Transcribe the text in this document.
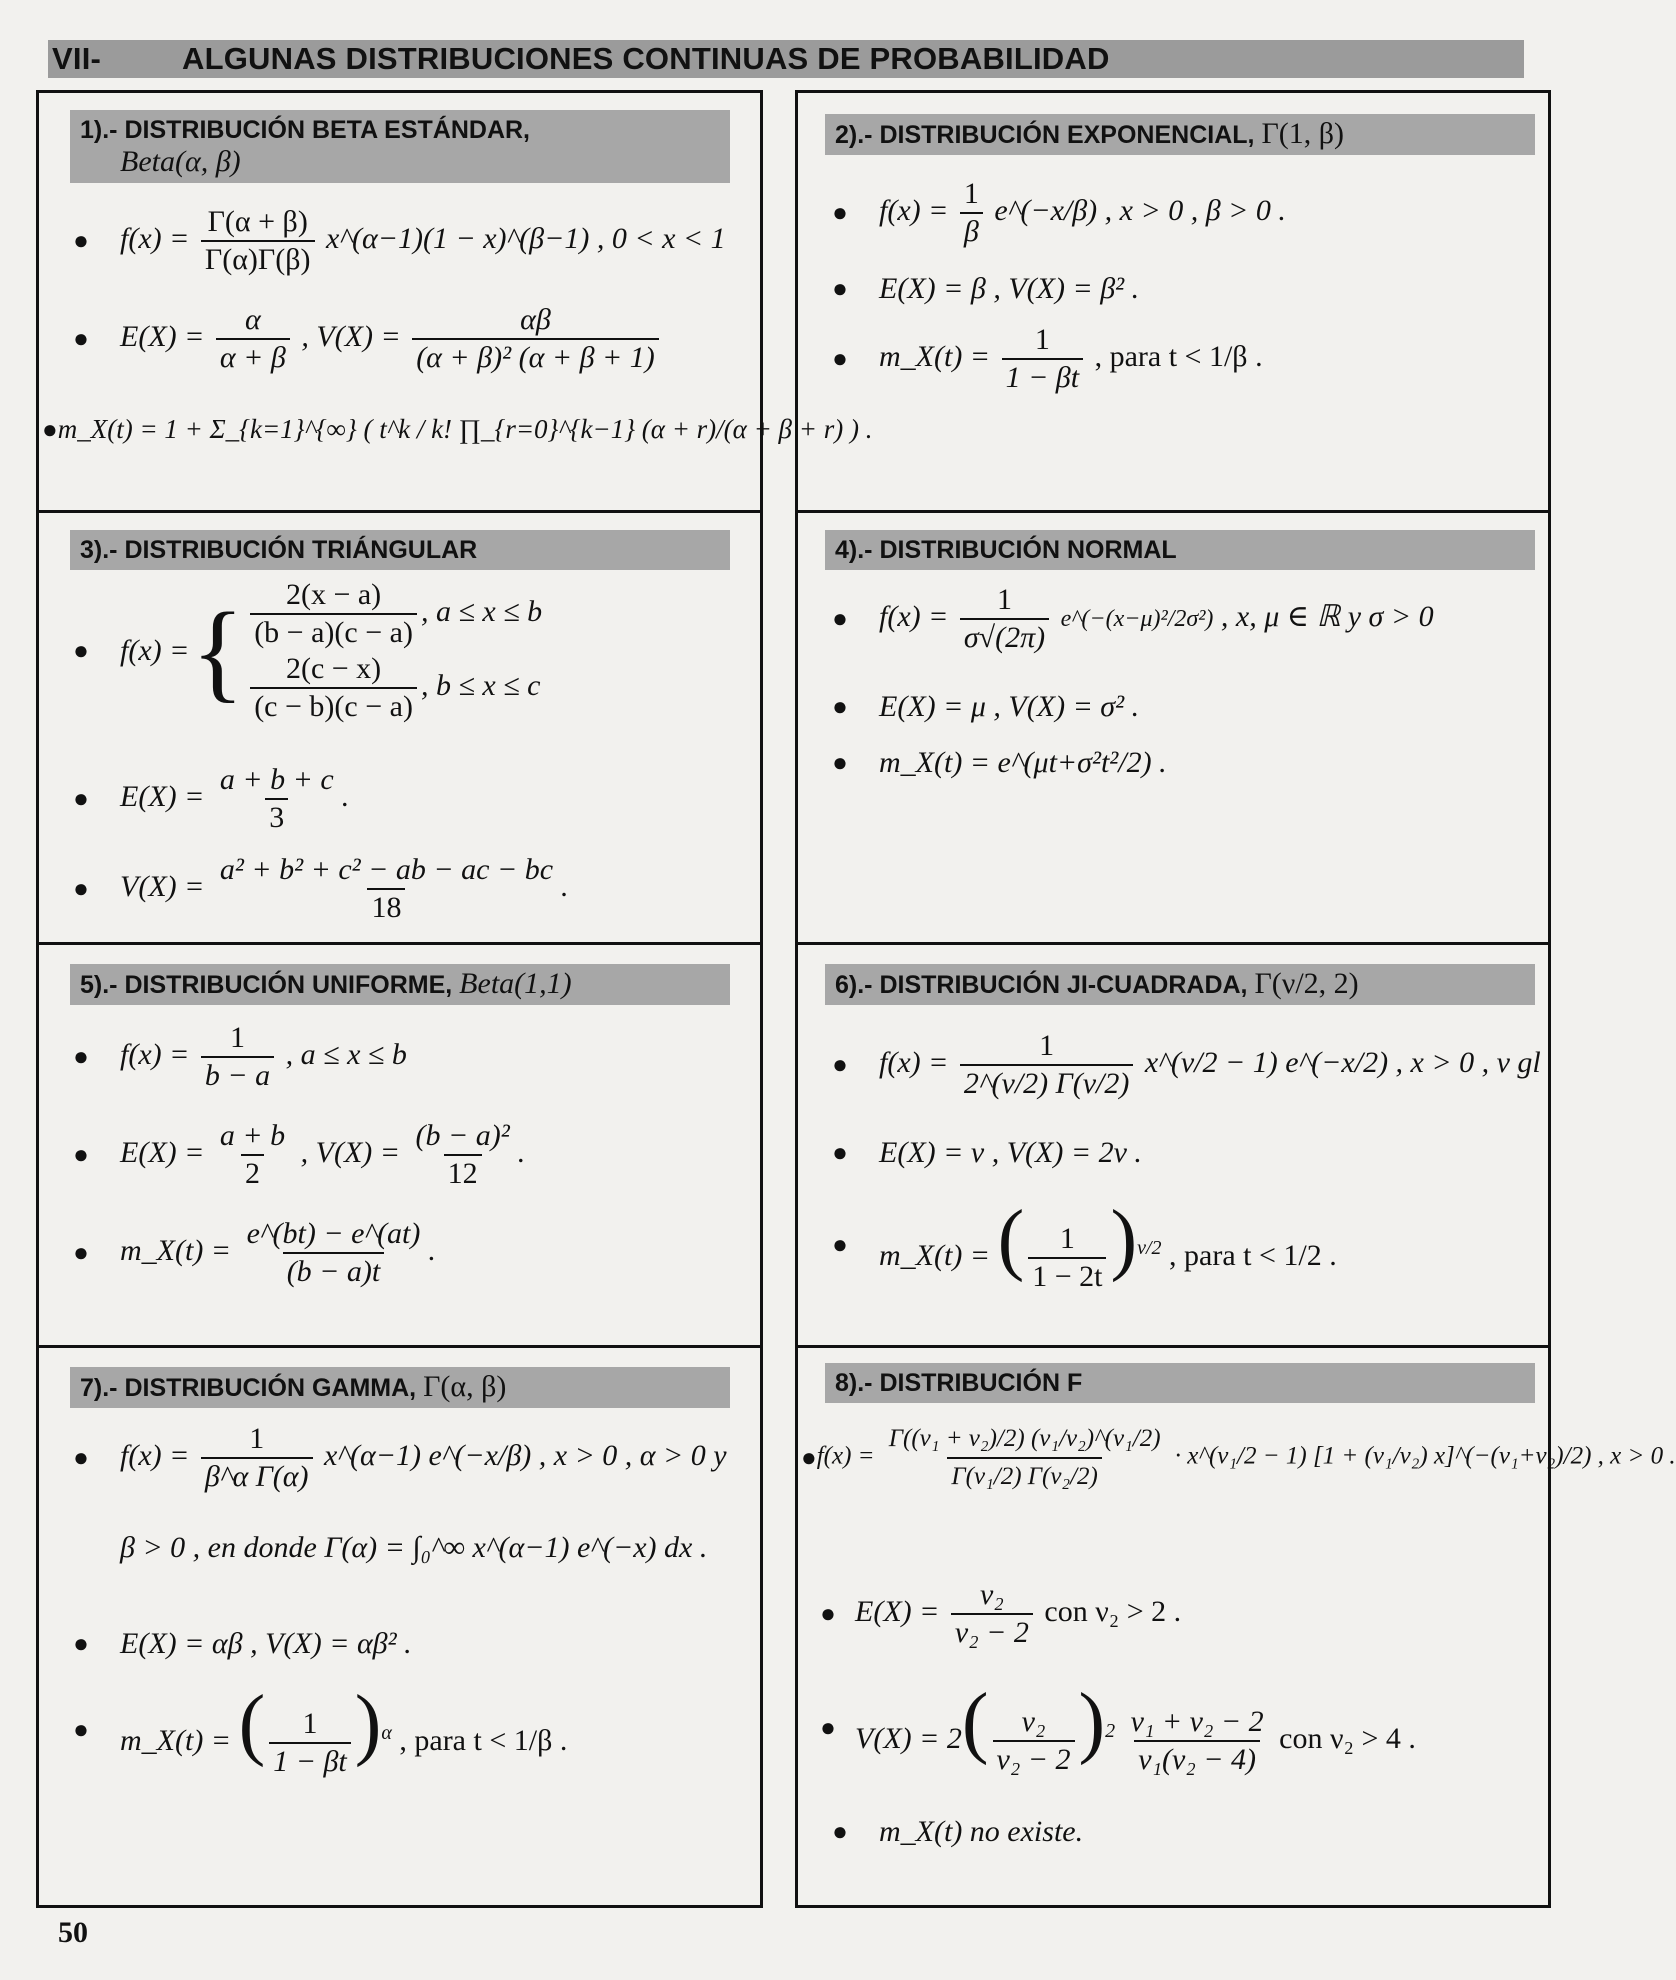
VII-	ALGUNAS DISTRIBUCIONES CONTINUAS DE PROBABILIDAD
1).- DISTRIBUCIÓN BETA ESTÁNDAR,
Beta(α, β)
●	$f(x) = \frac{\Gamma(\alpha + \beta)}{\Gamma(\alpha)\Gamma(\beta)}$ x^(α−1)(1 − x)^(β−1) , 0 < x < 1
●	$E(X) = \frac{\alpha}{\alpha + \beta}$ , $V(X) = \frac{\alpha\beta}{\text{(α + β)² (α + β + 1)}}$
● m_X(t) = 1 + Σ_{k=1}^{∞} ( t^k / k! ∏_{r=0}^{k−1} (α + r)/(α + β + r) ) .
2).- DISTRIBUCIÓN EXPONENCIAL, Γ(1, β)
●	$f(x) = \frac{1}{\beta}$ e^(−x/β) , x > 0 , β > 0 .
●	E(X) = β , V(X) = β² .
●	m_X(t) = $\frac{1}{1 - \beta t}$ , para t < 1/β .
3).- DISTRIBUCIÓN TRIÁNGULAR
●	f(x) = { $\frac{2(x - a)}{(b - a)(c - a)}$ , a ≤ x ≤ b
$\frac{2(c - x)}{(c - b)(c - a)}$ , b ≤ x ≤ c
●	$E(X) = \frac{a + b + c}{3}$ .
●	$V(X) = \frac{\text{a² + b² + c² − ab − ac − bc}}{18}$ .
4).- DISTRIBUCIÓN NORMAL
●	$f(x) = \frac{1}{\sigma√(2\pi)}$ e^(−(x−μ)²/2σ²) , x, μ ∈ ℝ y σ > 0
●	E(X) = μ , V(X) = σ² .
●	m_X(t) = e^(μt+σ²t²/2) .
5).- DISTRIBUCIÓN UNIFORME, Beta(1,1)
●	$f(x) = \frac{1}{b - a}$ , a ≤ x ≤ b
●	$E(X) = \frac{a + b}{2}$ , $V(X) = \frac{\text{(b − a)²}}{12}$ .
●	m_X(t) = $\frac{e\^{}(bt) - e\^{}(at)}{(b - a)t}$ .
6).- DISTRIBUCIÓN JI-CUADRADA, Γ(ν/2, 2)
●	$f(x) = \frac{1}{2\^{}(\nu/2) \Gamma(\nu/2)}$ x^(ν/2 − 1) e^(−x/2) , x > 0 , ν gl
●	E(X) = ν , V(X) = 2ν .
●	m_X(t) = ( $\frac{1}{1 - 2t} )^{\nu/2}$ , para t < 1/2 .
7).- DISTRIBUCIÓN GAMMA, Γ(α, β)
●	$f(x) = \frac{1}{\text{β\textasciicircum{}α Γ(α)}}$ x^(α−1) e^(−x/β) , x > 0 , α > 0 y
β > 0 , en donde Γ(α) = ∫₀^∞ x^(α−1) e^(−x) dx .
●	E(X) = αβ , V(X) = αβ² .
●	m_X(t) = ( $\frac{1}{1 - \beta t} )^\alpha$ , para t < 1/β .
8).- DISTRIBUCIÓN F
● $f(x) = \frac{\text{Γ((ν₁ + ν₂)/2) (ν₁/ν₂)\textasciicircum{}(ν₁/2)}}{\text{Γ(ν₁/2) Γ(ν₂/2)}}$ · x^(ν₁/2 − 1) [1 + (ν₁/ν₂) x]^(−(ν₁+ν₂)/2) , x > 0 .
● $E(X) = \frac{\text{ν₂}}{\text{ν₂ − 2}}$ con ν₂ > 2 .
● $V(X) = 2( \frac{\text{ν₂}}{\text{ν₂ − 2}} )^2 \frac{\text{ν₁ + ν₂ − 2}}{\text{ν₁(ν₂ − 4)}}$ con ν₂ > 4 .
●	m_X(t) no existe.
50
